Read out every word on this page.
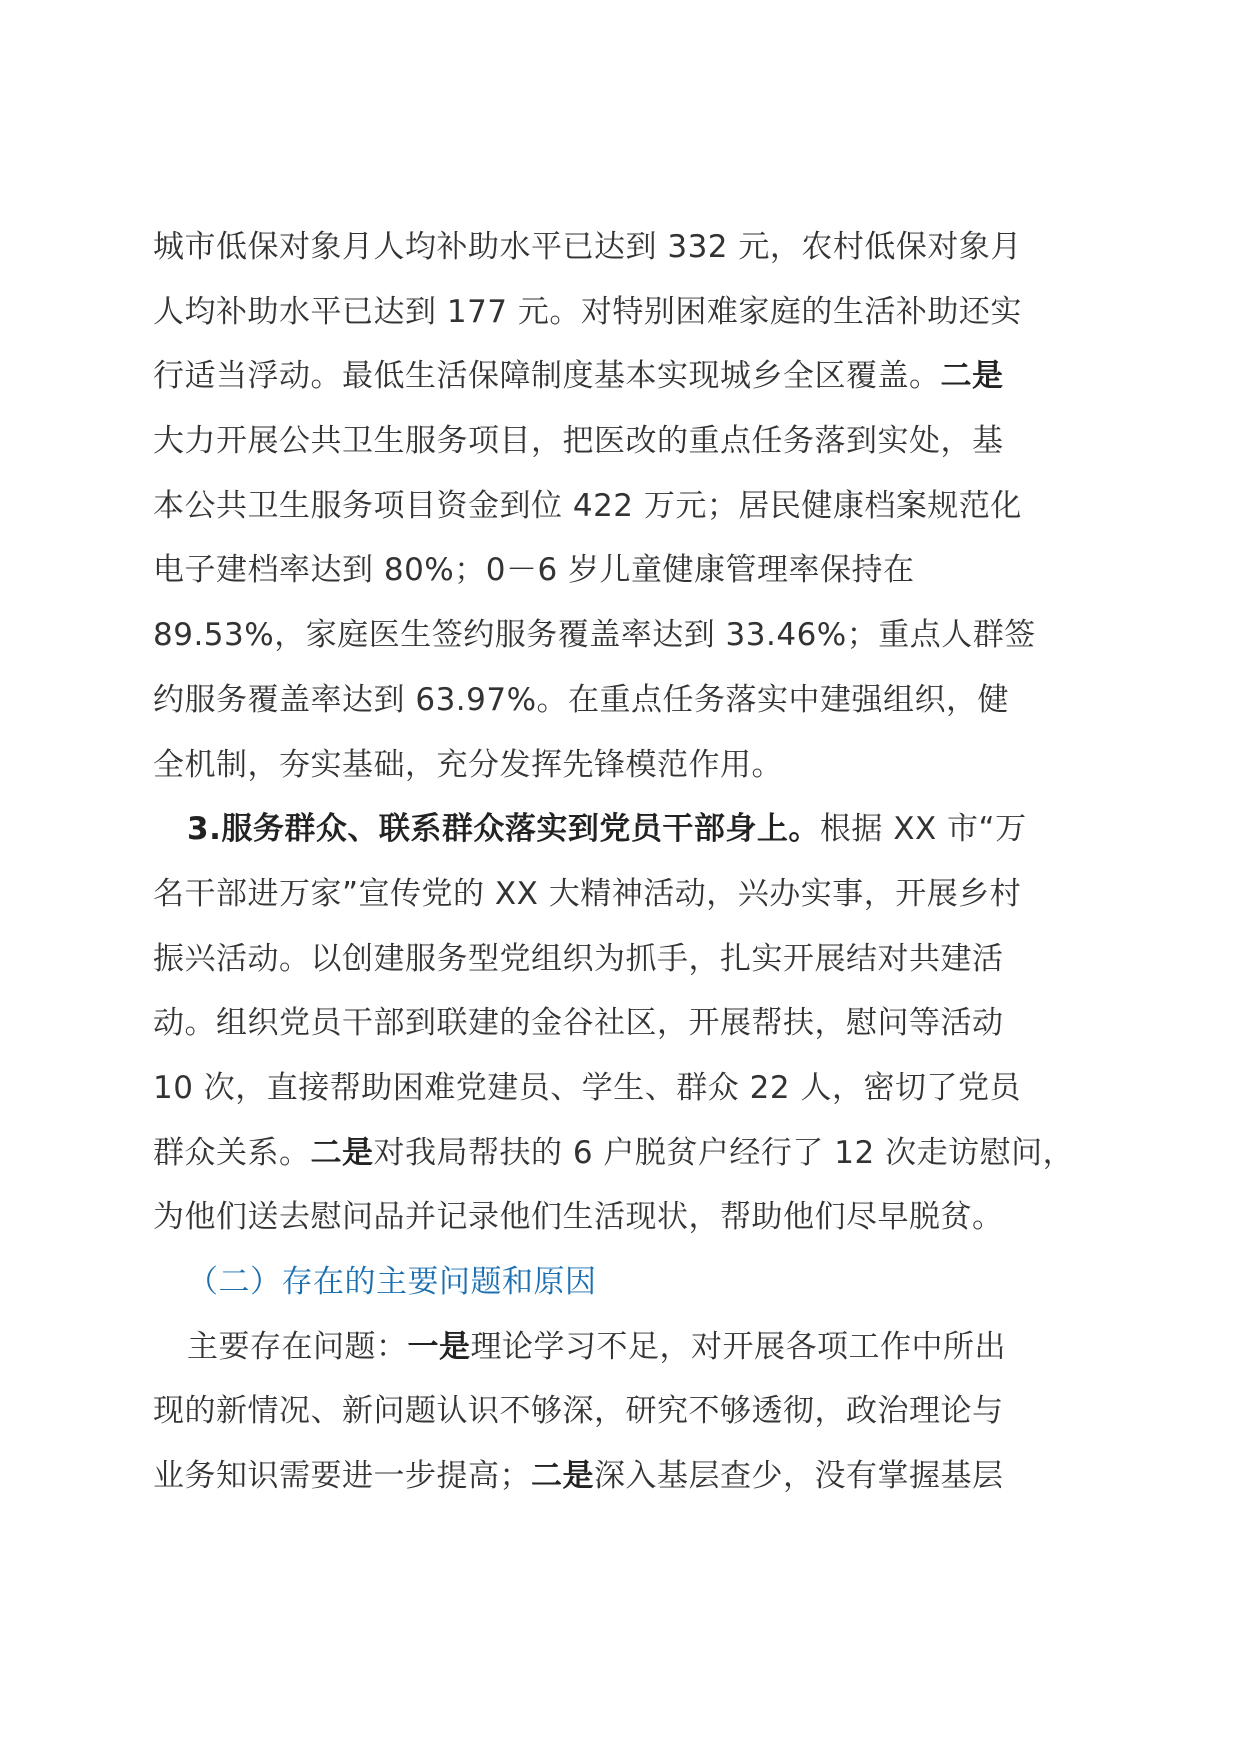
城市低保对象月人均补助水平已达到 332 元，农村低保对象月
人均补助水平已达到 177 元。对特别困难家庭的生活补助还实
行适当浮动。最低生活保障制度基本实现城乡全区覆盖。二是
大力开展公共卫生服务项目，把医改的重点任务落到实处，基
本公共卫生服务项目资金到位 422 万元；居民健康档案规范化
电子建档率达到 80%；0－6 岁儿童健康管理率保持在
89.53%，家庭医生签约服务覆盖率达到 33.46%；重点人群签
约服务覆盖率达到 63.97%。在重点任务落实中建强组织，健
全机制，夯实基础，充分发挥先锋模范作用。
3.服务群众、联系群众落实到党员干部身上。根据 XX 市“万
名干部进万家”宣传党的 XX 大精神活动，兴办实事，开展乡村
振兴活动。以创建服务型党组织为抓手，扎实开展结对共建活
动。组织党员干部到联建的金谷社区，开展帮扶，慰问等活动
10 次，直接帮助困难党建员、学生、群众 22 人，密切了党员
群众关系。二是对我局帮扶的 6 户脱贫户经行了 12 次走访慰问，
为他们送去慰问品并记录他们生活现状，帮助他们尽早脱贫。
（二）存在的主要问题和原因
主要存在问题：一是理论学习不足，对开展各项工作中所出
现的新情况、新问题认识不够深，研究不够透彻，政治理论与
业务知识需要进一步提高；二是深入基层查少，没有掌握基层
